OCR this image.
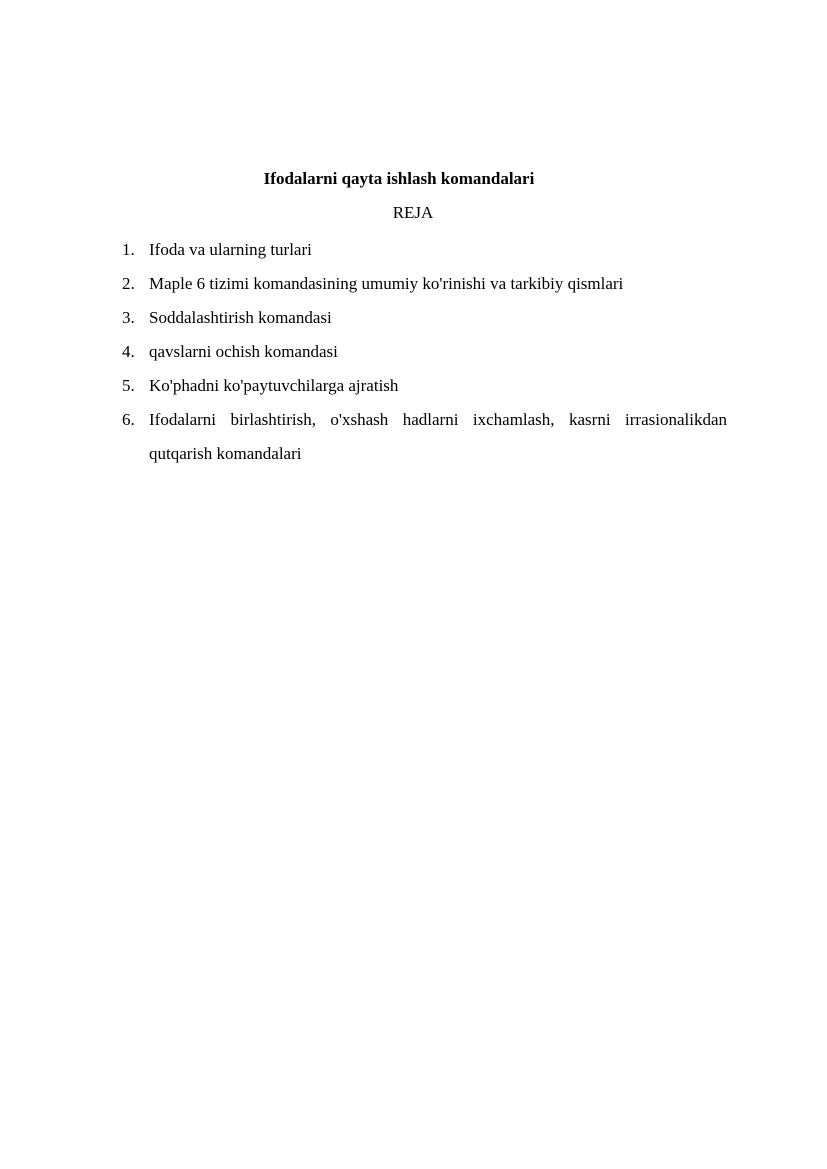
Ifodalarni qayta ishlash komandalari

REJA

1. Ifoda va ularning turlari
2. Maple 6 tizimi komandasining umumiy ko'rinishi va tarkibiy qismlari
3. Soddalashtirish komandasi
4. qavslarni ochish komandasi
5. Ko'phadni ko'paytuvchilarga ajratish
6. Ifodalarni birlashtirish, o'xshash hadlarni ixchamlash, kasrni irrasionalikdan qutqarish komandalari
